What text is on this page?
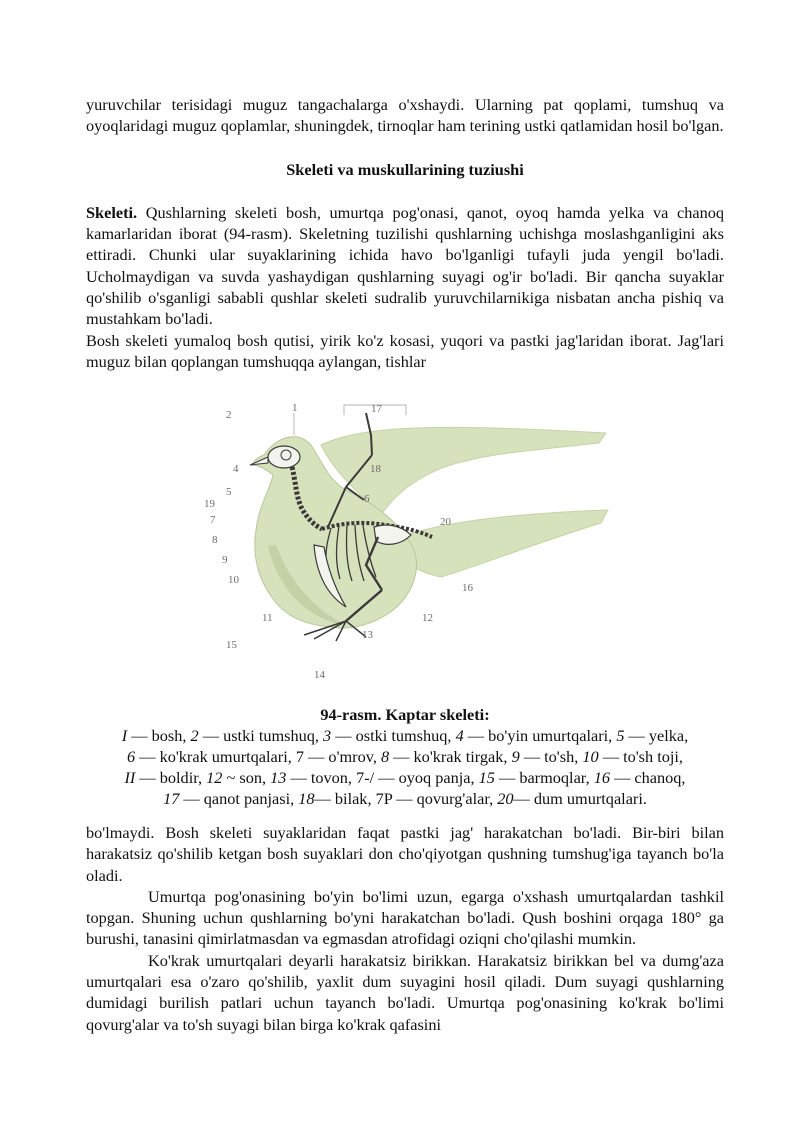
yuruvchilar terisidagi muguz tangachalarga o'xshaydi. Ularning pat qoplami, tumshuq va oyoqlaridagi muguz qoplamlar, shuningdek, tirnoqlar ham terining ustki qatlamidan hosil bo'lgan.

Skeleti va muskullarining tuziushi

Skeleti. Qushlarning skeleti bosh, umurtqa pog'onasi, qanot, oyoq hamda yelka va chanoq kamarlaridan iborat (94-rasm). Skeletning tuzilishi qushlarning uchishga moslashganligini aks ettiradi. Chunki ular suyaklarining ichida havo bo'lganligi tufayli juda yengil bo'ladi. Ucholmaydigan va suvda yashaydigan qushlarning suyagi og'ir bo'ladi. Bir qancha suyaklar qo'shilib o'sganligi sababli qushlar skeleti sudralib yuruvchilarnikiga nisbatan ancha pishiq va mustahkam bo'ladi.

Bosh skeleti yumaloq bosh qutisi, yirik ko'z kosasi, yuqori va pastki jag'laridan iborat. Jag'lari muguz bilan qoplangan tumshuqqa aylangan, tishlar

2
1	17
18
4
6
5
19
7	20
8
9
10
16
11	12
13
15
14
94-rasm. Kaptar skeleti:
I — bosh, 2 — ustki tumshuq, 3 — ostki tumshuq, 4 — bo'yin umurtqalari, 5 — yelka,
6 — ko'krak umurtqalari, 7 — o'mrov, 8 — ko'krak tirgak, 9 — to'sh, 10 — to'sh toji,
II — boldir, 12 ~ son, 13 — tovon, 7-/ — oyoq panja, 15 — barmoqlar, 16 — chanoq,
17 — qanot panjasi, 18— bilak, 7P — qovurg'alar, 20— dum umurtqalari.

bo'lmaydi. Bosh skeleti suyaklaridan faqat pastki jag' harakatchan bo'ladi. Bir-biri bilan harakatsiz qo'shilib ketgan bosh suyaklari don cho'qiyotgan qushning tumshug'iga tayanch bo'la oladi.

Umurtqa pog'onasining bo'yin bo'limi uzun, egarga o'xshash umurtqalardan tashkil topgan. Shuning uchun qushlarning bo'yni harakatchan bo'ladi. Qush boshini orqaga 180° ga burushi, tanasini qimirlatmasdan va egmasdan atrofidagi oziqni cho'qilashi mumkin.

Ko'krak umurtqalari deyarli harakatsiz birikkan. Harakatsiz birikkan bel va dumg'aza umurtqalari esa o'zaro qo'shilib, yaxlit dum suyagini hosil qiladi. Dum suyagi qushlarning dumidagi burilish patlari uchun tayanch bo'ladi. Umurtqa pog'onasining ko'krak bo'limi qovurg'alar va to'sh suyagi bilan birga ko'krak qafasini
